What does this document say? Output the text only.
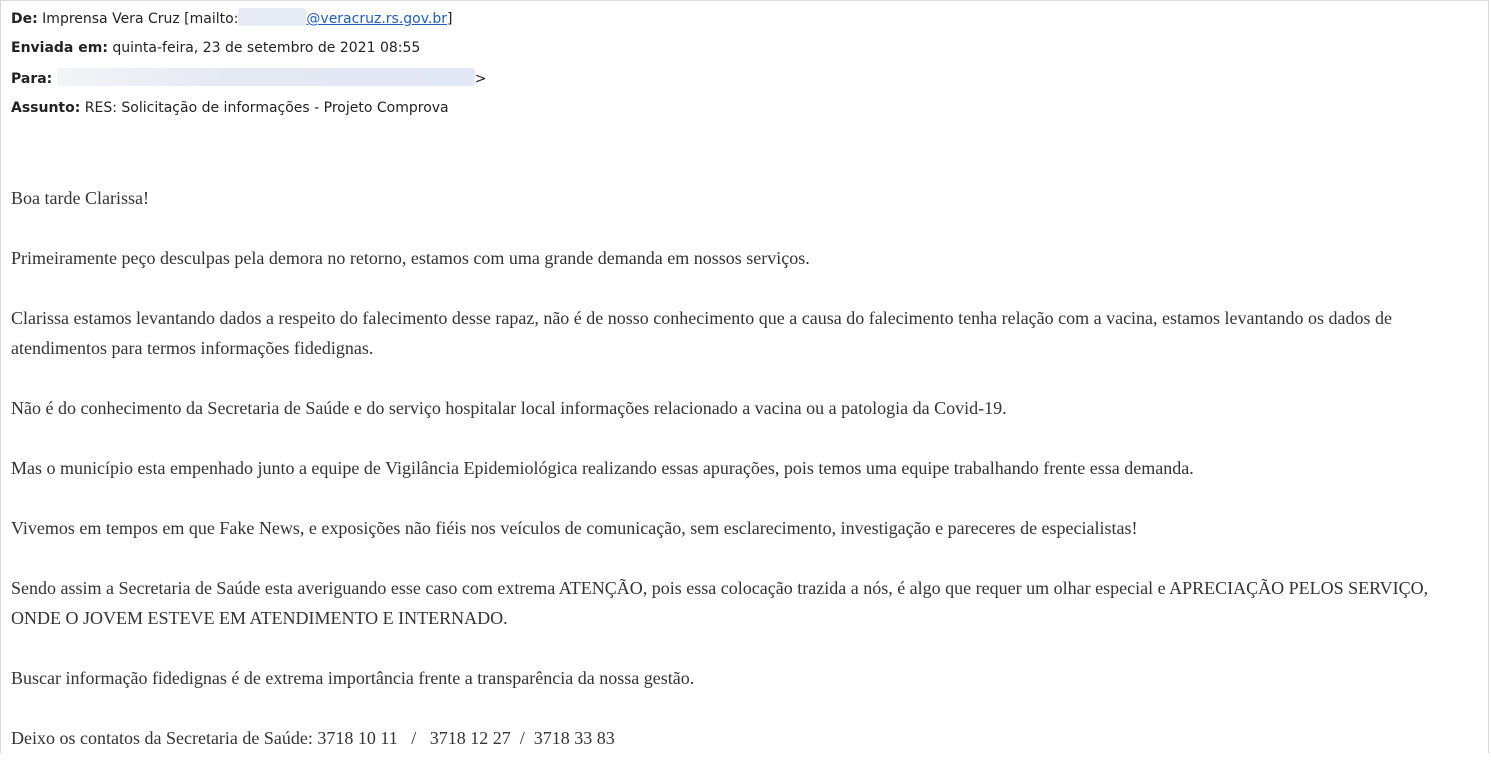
De: Imprensa Vera Cruz [mailto:	@veracruz.rs.gov.br]
Enviada em: quinta-feira, 23 de setembro de 2021 08:55
Para:	>
Assunto: RES: Solicitação de informações - Projeto Comprova

Boa tarde Clarissa!

Primeiramente peço desculpas pela demora no retorno, estamos com uma grande demanda em nossos serviços.

Clarissa estamos levantando dados a respeito do falecimento desse rapaz, não é de nosso conhecimento que a causa do falecimento tenha relação com a vacina, estamos levantando os dados de atendimentos para termos informações fidedignas.

Não é do conhecimento da Secretaria de Saúde e do serviço hospitalar local informações relacionado a vacina ou a patologia da Covid-19.

Mas o município esta empenhado junto a equipe de Vigilância Epidemiológica realizando essas apurações, pois temos uma equipe trabalhando frente essa demanda.

Vivemos em tempos em que Fake News, e exposições não fiéis nos veículos de comunicação, sem esclarecimento, investigação e pareceres de especialistas!

Sendo assim a Secretaria de Saúde esta averiguando esse caso com extrema ATENÇÃO, pois essa colocação trazida a nós, é algo que requer um olhar especial e APRECIAÇÃO PELOS SERVIÇO, ONDE O JOVEM ESTEVE EM ATENDIMENTO E INTERNADO.

Buscar informação fidedignas é de extrema importância frente a transparência da nossa gestão.

Deixo os contatos da Secretaria de Saúde: 3718 10 11   /   3718 12 27  /  3718 33 83
